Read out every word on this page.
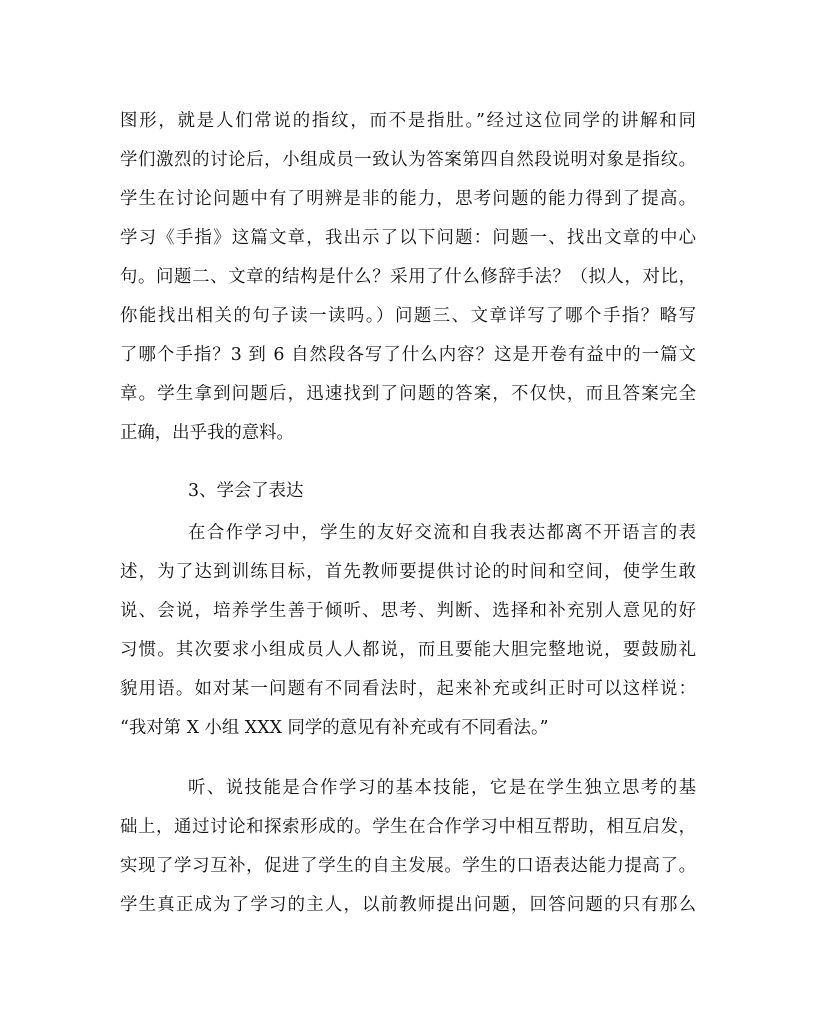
图形，就是人们常说的指纹，而不是指肚。”经过这位同学的讲解和同
学们激烈的讨论后，小组成员一致认为答案第四自然段说明对象是指纹。
学生在讨论问题中有了明辨是非的能力，思考问题的能力得到了提高。
学习《手指》这篇文章，我出示了以下问题：问题一、找出文章的中心
句。问题二、文章的结构是什么？采用了什么修辞手法？（拟人，对比，
你能找出相关的句子读一读吗。）问题三、文章详写了哪个手指？略写
了哪个手指？3 到 6 自然段各写了什么内容？这是开卷有益中的一篇文
章。学生拿到问题后，迅速找到了问题的答案，不仅快，而且答案完全
正确，出乎我的意料。
3、学会了表达
在合作学习中，学生的友好交流和自我表达都离不开语言的表
述，为了达到训练目标，首先教师要提供讨论的时间和空间，使学生敢
说、会说，培养学生善于倾听、思考、判断、选择和补充别人意见的好
习惯。其次要求小组成员人人都说，而且要能大胆完整地说，要鼓励礼
貌用语。如对某一问题有不同看法时，起来补充或纠正时可以这样说：
“我对第 X 小组 XXX 同学的意见有补充或有不同看法。”
听、说技能是合作学习的基本技能，它是在学生独立思考的基
础上，通过讨论和探索形成的。学生在合作学习中相互帮助，相互启发，
实现了学习互补，促进了学生的自主发展。学生的口语表达能力提高了。
学生真正成为了学习的主人，以前教师提出问题，回答问题的只有那么
